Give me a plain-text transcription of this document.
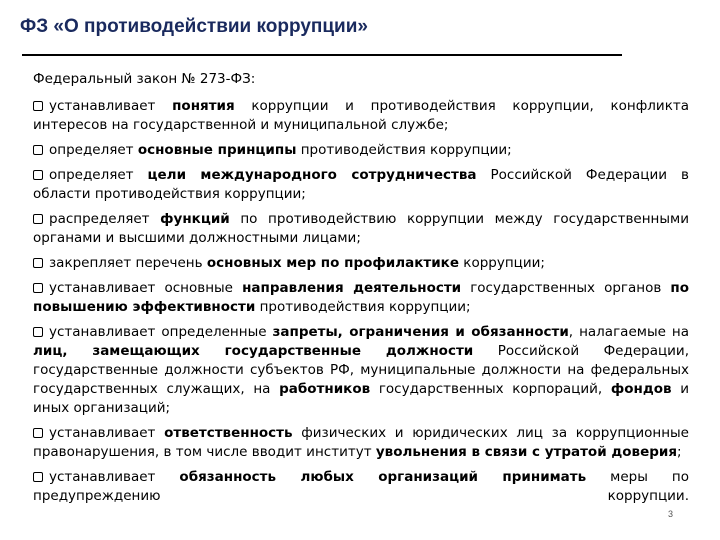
ФЗ «О противодействии коррупции»
Федеральный закон № 273-ФЗ:
устанавливает понятия коррупции и противодействия коррупции, конфликта интересов на государственной и муниципальной службе;
определяет основные принципы противодействия коррупции;
определяет цели международного сотрудничества Российской Федерации в области противодействия коррупции;
распределяет функций по противодействию коррупции между государственными органами и высшими должностными лицами;
закрепляет перечень основных мер по профилактике коррупции;
устанавливает основные направления деятельности государственных органов по повышению эффективности противодействия коррупции;
устанавливает определенные запреты, ограничения и обязанности, налагаемые на лиц, замещающих государственные должности Российской Федерации, государственные должности субъектов РФ, муниципальные должности на федеральных государственных служащих, на работников государственных корпораций, фондов и иных организаций;
устанавливает ответственность физических и юридических лиц за коррупционные правонарушения, в том числе вводит институт увольнения в связи с утратой доверия;
устанавливает обязанность любых организаций принимать меры по предупреждению коррупции.
3
